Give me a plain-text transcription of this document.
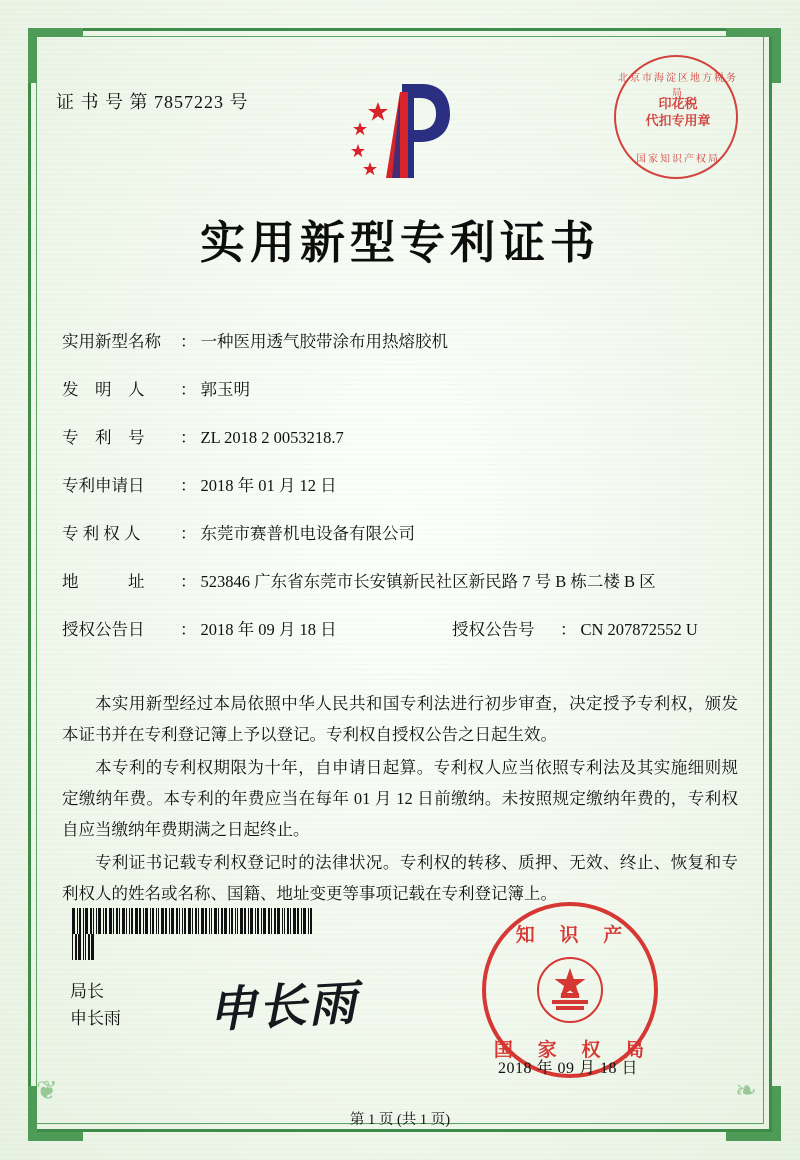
❦	❧
证 书 号 第 7857223 号
北京市海淀区地方税务局
印花税
代扣专用章
国家知识产权局
实用新型专利证书
实用新型名称	： 一种医用透气胶带涂布用热熔胶机
发　明　人	： 郭玉明
专　利　号	： ZL 2018 2 0053218.7
专利申请日	： 2018 年 01 月 12 日
专 利 权 人	： 东莞市赛普机电设备有限公司
地　　　址	： 523846 广东省东莞市长安镇新民社区新民路 7 号 B 栋二楼 B 区
授权公告日	： 2018 年 09 月 18 日	授权公告号	： CN 207872552 U

本实用新型经过本局依照中华人民共和国专利法进行初步审查，决定授予专利权，颁发本证书并在专利登记簿上予以登记。专利权自授权公告之日起生效。

本专利的专利权期限为十年，自申请日起算。专利权人应当依照专利法及其实施细则规定缴纳年费。本专利的年费应当在每年 01 月 12 日前缴纳。未按照规定缴纳年费的，专利权自应当缴纳年费期满之日起终止。

专利证书记载专利权登记时的法律状况。专利权的转移、质押、无效、终止、恢复和专利权人的姓名或名称、国籍、地址变更等事项记载在专利登记簿上。

局长
申长雨 申长雨
知 识 产
国 家 权 局
2018 年 09 月 18 日
第 1 页 (共 1 页)
